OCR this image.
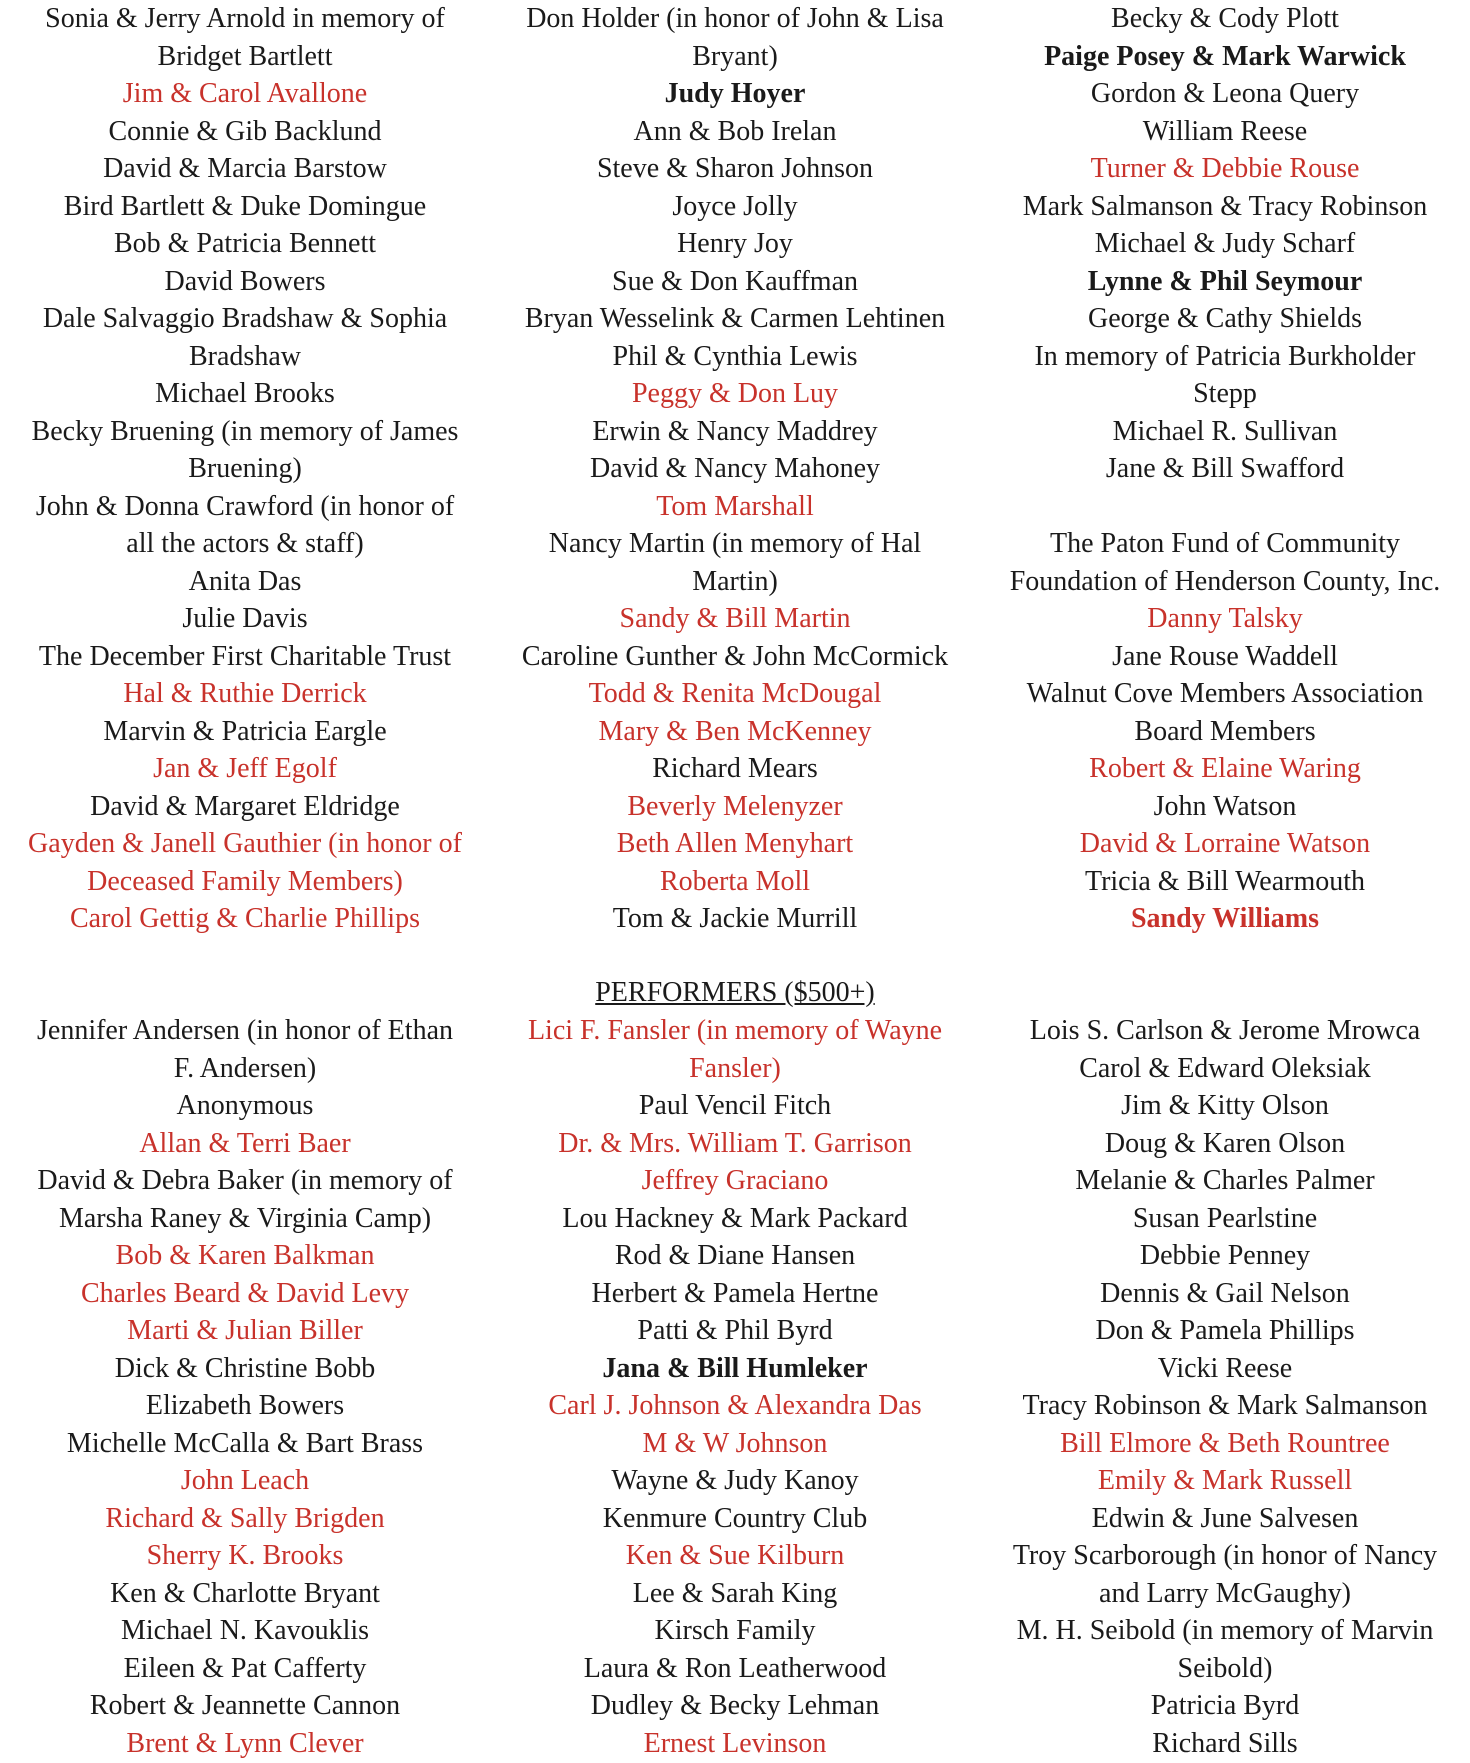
Sonia & Jerry Arnold in memory of
Bridget Bartlett
Jim & Carol Avallone
Connie & Gib Backlund
David & Marcia Barstow
Bird Bartlett & Duke Domingue
Bob & Patricia Bennett
David Bowers
Dale Salvaggio Bradshaw & Sophia
Bradshaw
Michael Brooks
Becky Bruening (in memory of James
Bruening)
John & Donna Crawford (in honor of
all the actors & staff)
Anita Das
Julie Davis
The December First Charitable Trust
Hal & Ruthie Derrick
Marvin & Patricia Eargle
Jan & Jeff Egolf
David & Margaret Eldridge
Gayden & Janell Gauthier (in honor of
Deceased Family Members)
Carol Gettig & Charlie Phillips
Don Holder (in honor of John & Lisa
Bryant)
Judy Hoyer
Ann & Bob Irelan
Steve & Sharon Johnson
Joyce Jolly
Henry Joy
Sue & Don Kauffman
Bryan Wesselink & Carmen Lehtinen
Phil & Cynthia Lewis
Peggy & Don Luy
Erwin & Nancy Maddrey
David & Nancy Mahoney
Tom Marshall
Nancy Martin (in memory of Hal
Martin)
Sandy & Bill Martin
Caroline Gunther & John McCormick
Todd & Renita McDougal
Mary & Ben McKenney
Richard Mears
Beverly Melenyzer
Beth Allen Menyhart
Roberta Moll
Tom & Jackie Murrill
Becky & Cody Plott
Paige Posey & Mark Warwick
Gordon & Leona Query
William Reese
Turner & Debbie Rouse
Mark Salmanson & Tracy Robinson
Michael & Judy Scharf
Lynne & Phil Seymour
George & Cathy Shields
In memory of Patricia Burkholder
Stepp
Michael R. Sullivan
Jane & Bill Swafford
The Paton Fund of Community
Foundation of Henderson County, Inc.
Danny Talsky
Jane Rouse Waddell
Walnut Cove Members Association
Board Members
Robert & Elaine Waring
John Watson
David & Lorraine Watson
Tricia & Bill Wearmouth
Sandy Williams
PERFORMERS ($500+)
Jennifer Andersen (in honor of Ethan
F. Andersen)
Anonymous
Allan & Terri Baer
David & Debra Baker (in memory of
Marsha Raney & Virginia Camp)
Bob & Karen Balkman
Charles Beard & David Levy
Marti & Julian Biller
Dick & Christine Bobb
Elizabeth Bowers
Michelle McCalla & Bart Brass
John Leach
Richard & Sally Brigden
Sherry K. Brooks
Ken & Charlotte Bryant
Michael N. Kavouklis
Eileen & Pat Cafferty
Robert & Jeannette Cannon
Brent & Lynn Clever
Lici F. Fansler (in memory of Wayne
Fansler)
Paul Vencil Fitch
Dr. & Mrs. William T. Garrison
Jeffrey Graciano
Lou Hackney & Mark Packard
Rod & Diane Hansen
Herbert & Pamela Hertne
Patti & Phil Byrd
Jana & Bill Humleker
Carl J. Johnson & Alexandra Das
M & W Johnson
Wayne & Judy Kanoy
Kenmure Country Club
Ken & Sue Kilburn
Lee & Sarah King
Kirsch Family
Laura & Ron Leatherwood
Dudley & Becky Lehman
Ernest Levinson
Lois S. Carlson & Jerome Mrowca
Carol & Edward Oleksiak
Jim & Kitty Olson
Doug & Karen Olson
Melanie & Charles Palmer
Susan Pearlstine
Debbie Penney
Dennis & Gail Nelson
Don & Pamela Phillips
Vicki Reese
Tracy Robinson & Mark Salmanson
Bill Elmore & Beth Rountree
Emily & Mark Russell
Edwin & June Salvesen
Troy Scarborough (in honor of Nancy
and Larry McGaughy)
M. H. Seibold (in memory of Marvin
Seibold)
Patricia Byrd
Richard Sills
